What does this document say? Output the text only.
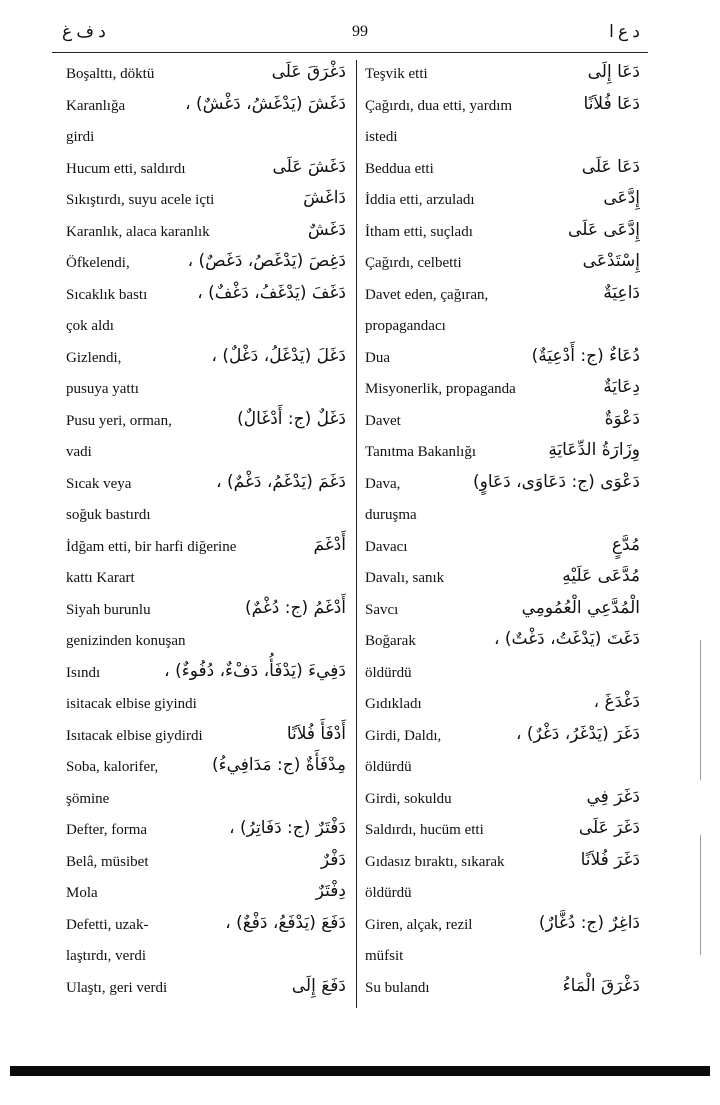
د ف غ	99	د ع ا
Boşalttı, döktü	دَغْرَقَ عَلَى
Karanlığa	دَغَشَ (يَدْغَشُ، دَغْشٌ) ،
girdi
Hucum etti, saldırdı	دَغَشَ عَلَى
Sıkıştırdı, suyu acele içti	دَاغَشَ
Karanlık, alaca karanlık	دَغَشٌ
Öfkelendi,	دَغِصَ (يَدْغَصُ، دَغَصٌ) ،
Sıcaklık bastı	دَغَفَ (يَدْغَفُ، دَغْفٌ) ،
çok aldı
Gizlendi,	دَغَلَ (يَدْغَلُ، دَغْلٌ) ،
pusuya yattı
Pusu yeri, orman,	دَغَلٌ (ج: أَدْغَالٌ)
vadi
Sıcak veya	دَغَمَ (يَدْغَمُ، دَغْمٌ) ،
soğuk bastırdı
İdğam etti, bir harfi diğerine	أَدْغَمَ
kattı Karart
Siyah burunlu	أَدْغَمُ (ج: دُغْمٌ)
genizinden konuşan
Isındı	دَفِيءَ (يَدْفَأُ، دَفْءٌ، دُفُوءٌ) ،
isitacak elbise giyindi
Isıtacak elbise giydirdi	أَدْفَأَ فُلاَنًا
Soba, kalorifer,	مِدْفَأَةٌ (ج: مَدَافِيءُ)
şömine
Defter, forma	دَفْتَرٌ (ج: دَفَاتِرُ) ،
Belâ, müsibet	دَفْرٌ
Mola	دِفْتَرٌ
Defetti, uzak-	دَفَعَ (يَدْفَعُ، دَفْعٌ) ،
laştırdı, verdi
Ulaştı, geri verdi	دَفَعَ إِلَى
Teşvik etti	دَعَا إِلَى
Çağırdı, dua etti, yardım	دَعَا فُلاَنًا
istedi
Beddua etti	دَعَا عَلَى
İddia etti, arzuladı	إِدَّعَى
İtham etti, suçladı	إِدَّعَى عَلَى
Çağırdı, celbetti	إِسْتَدْعَى
Davet eden, çağıran,	دَاعِيَةٌ
propagandacı
Dua	دُعَاءٌ (ج: أَدْعِيَةٌ)
Misyonerlik, propaganda	دِعَايَةٌ
Davet	دَعْوَةٌ
Tanıtma Bakanlığı	وِزَارَةُ الدِّعَايَةِ
Dava,	دَعْوَى (ج: دَعَاوَى، دَعَاوٍ)
duruşma
Davacı	مُدَّعٍ
Davalı, sanık	مُدَّعَى عَلَيْهِ
Savcı	الْمُدَّعِي الْعُمُومِي
Boğarak	دَغَتَ (يَدْغَتُ، دَغْتٌ) ،
öldürdü
Gıdıkladı	دَغْدَغَ ،
Girdi, Daldı,	دَغَرَ (يَدْغَرُ، دَغْرٌ) ،
öldürdü
Girdi, sokuldu	دَغَرَ فِي
Saldırdı, hucüm etti	دَغَرَ عَلَى
Gıdasız bıraktı, sıkarak	دَغَرَ فُلاَنًا
öldürdü
Giren, alçak, rezil	دَاغِرٌ (ج: دُغَّارٌ)
müfsit
Su bulandı	دَغْرَقَ الْمَاءُ
